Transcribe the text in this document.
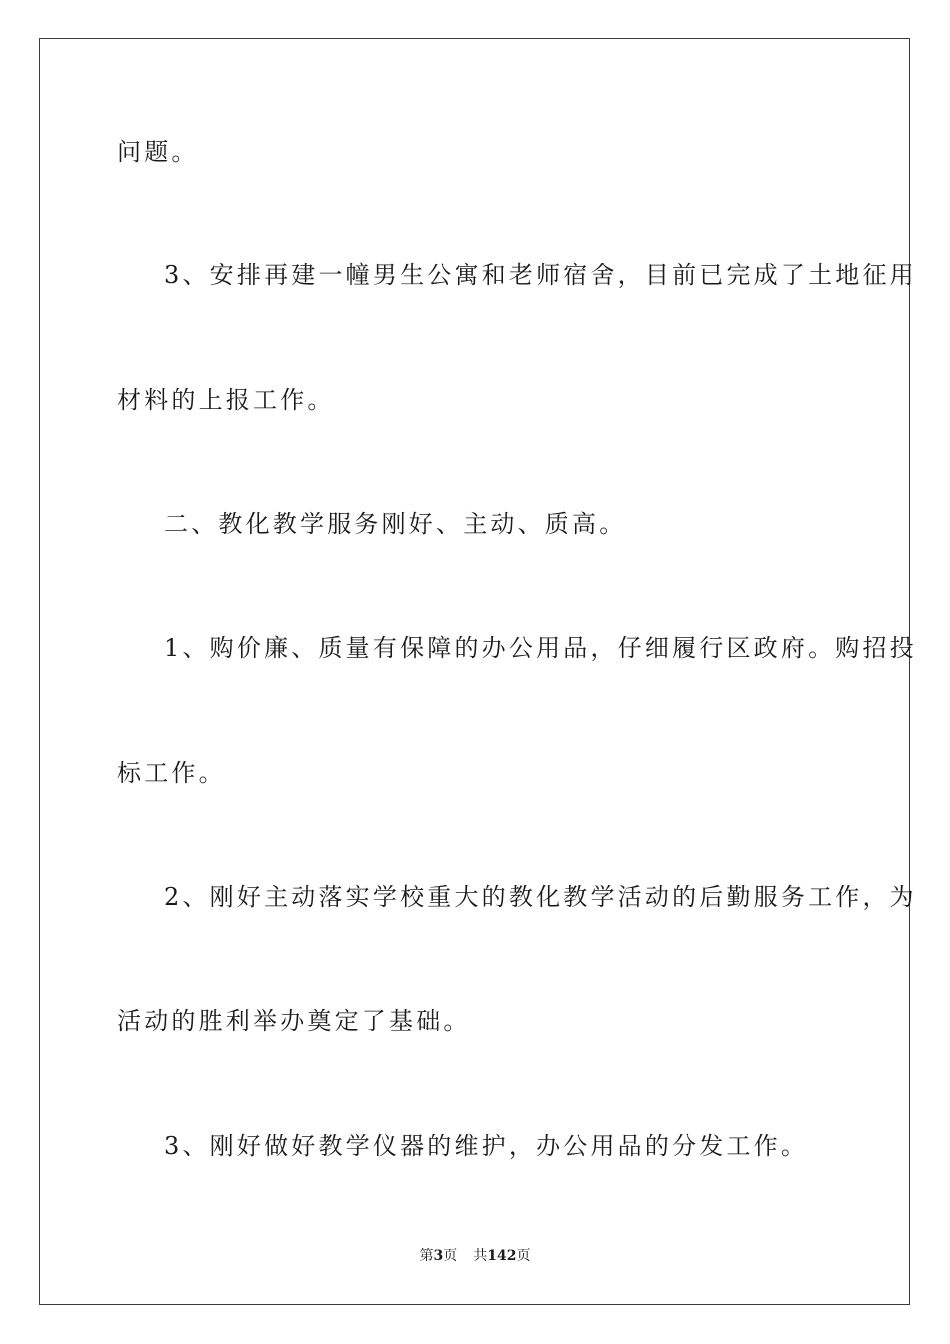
问题。
3、安排再建一幢男生公寓和老师宿舍，目前已完成了土地征用
材料的上报工作。
二、教化教学服务刚好、主动、质高。
1、购价廉、质量有保障的办公用品，仔细履行区政府。购招投
标工作。
2、刚好主动落实学校重大的教化教学活动的后勤服务工作，为
活动的胜利举办奠定了基础。
3、刚好做好教学仪器的维护，办公用品的分发工作。
第3页 共142页
